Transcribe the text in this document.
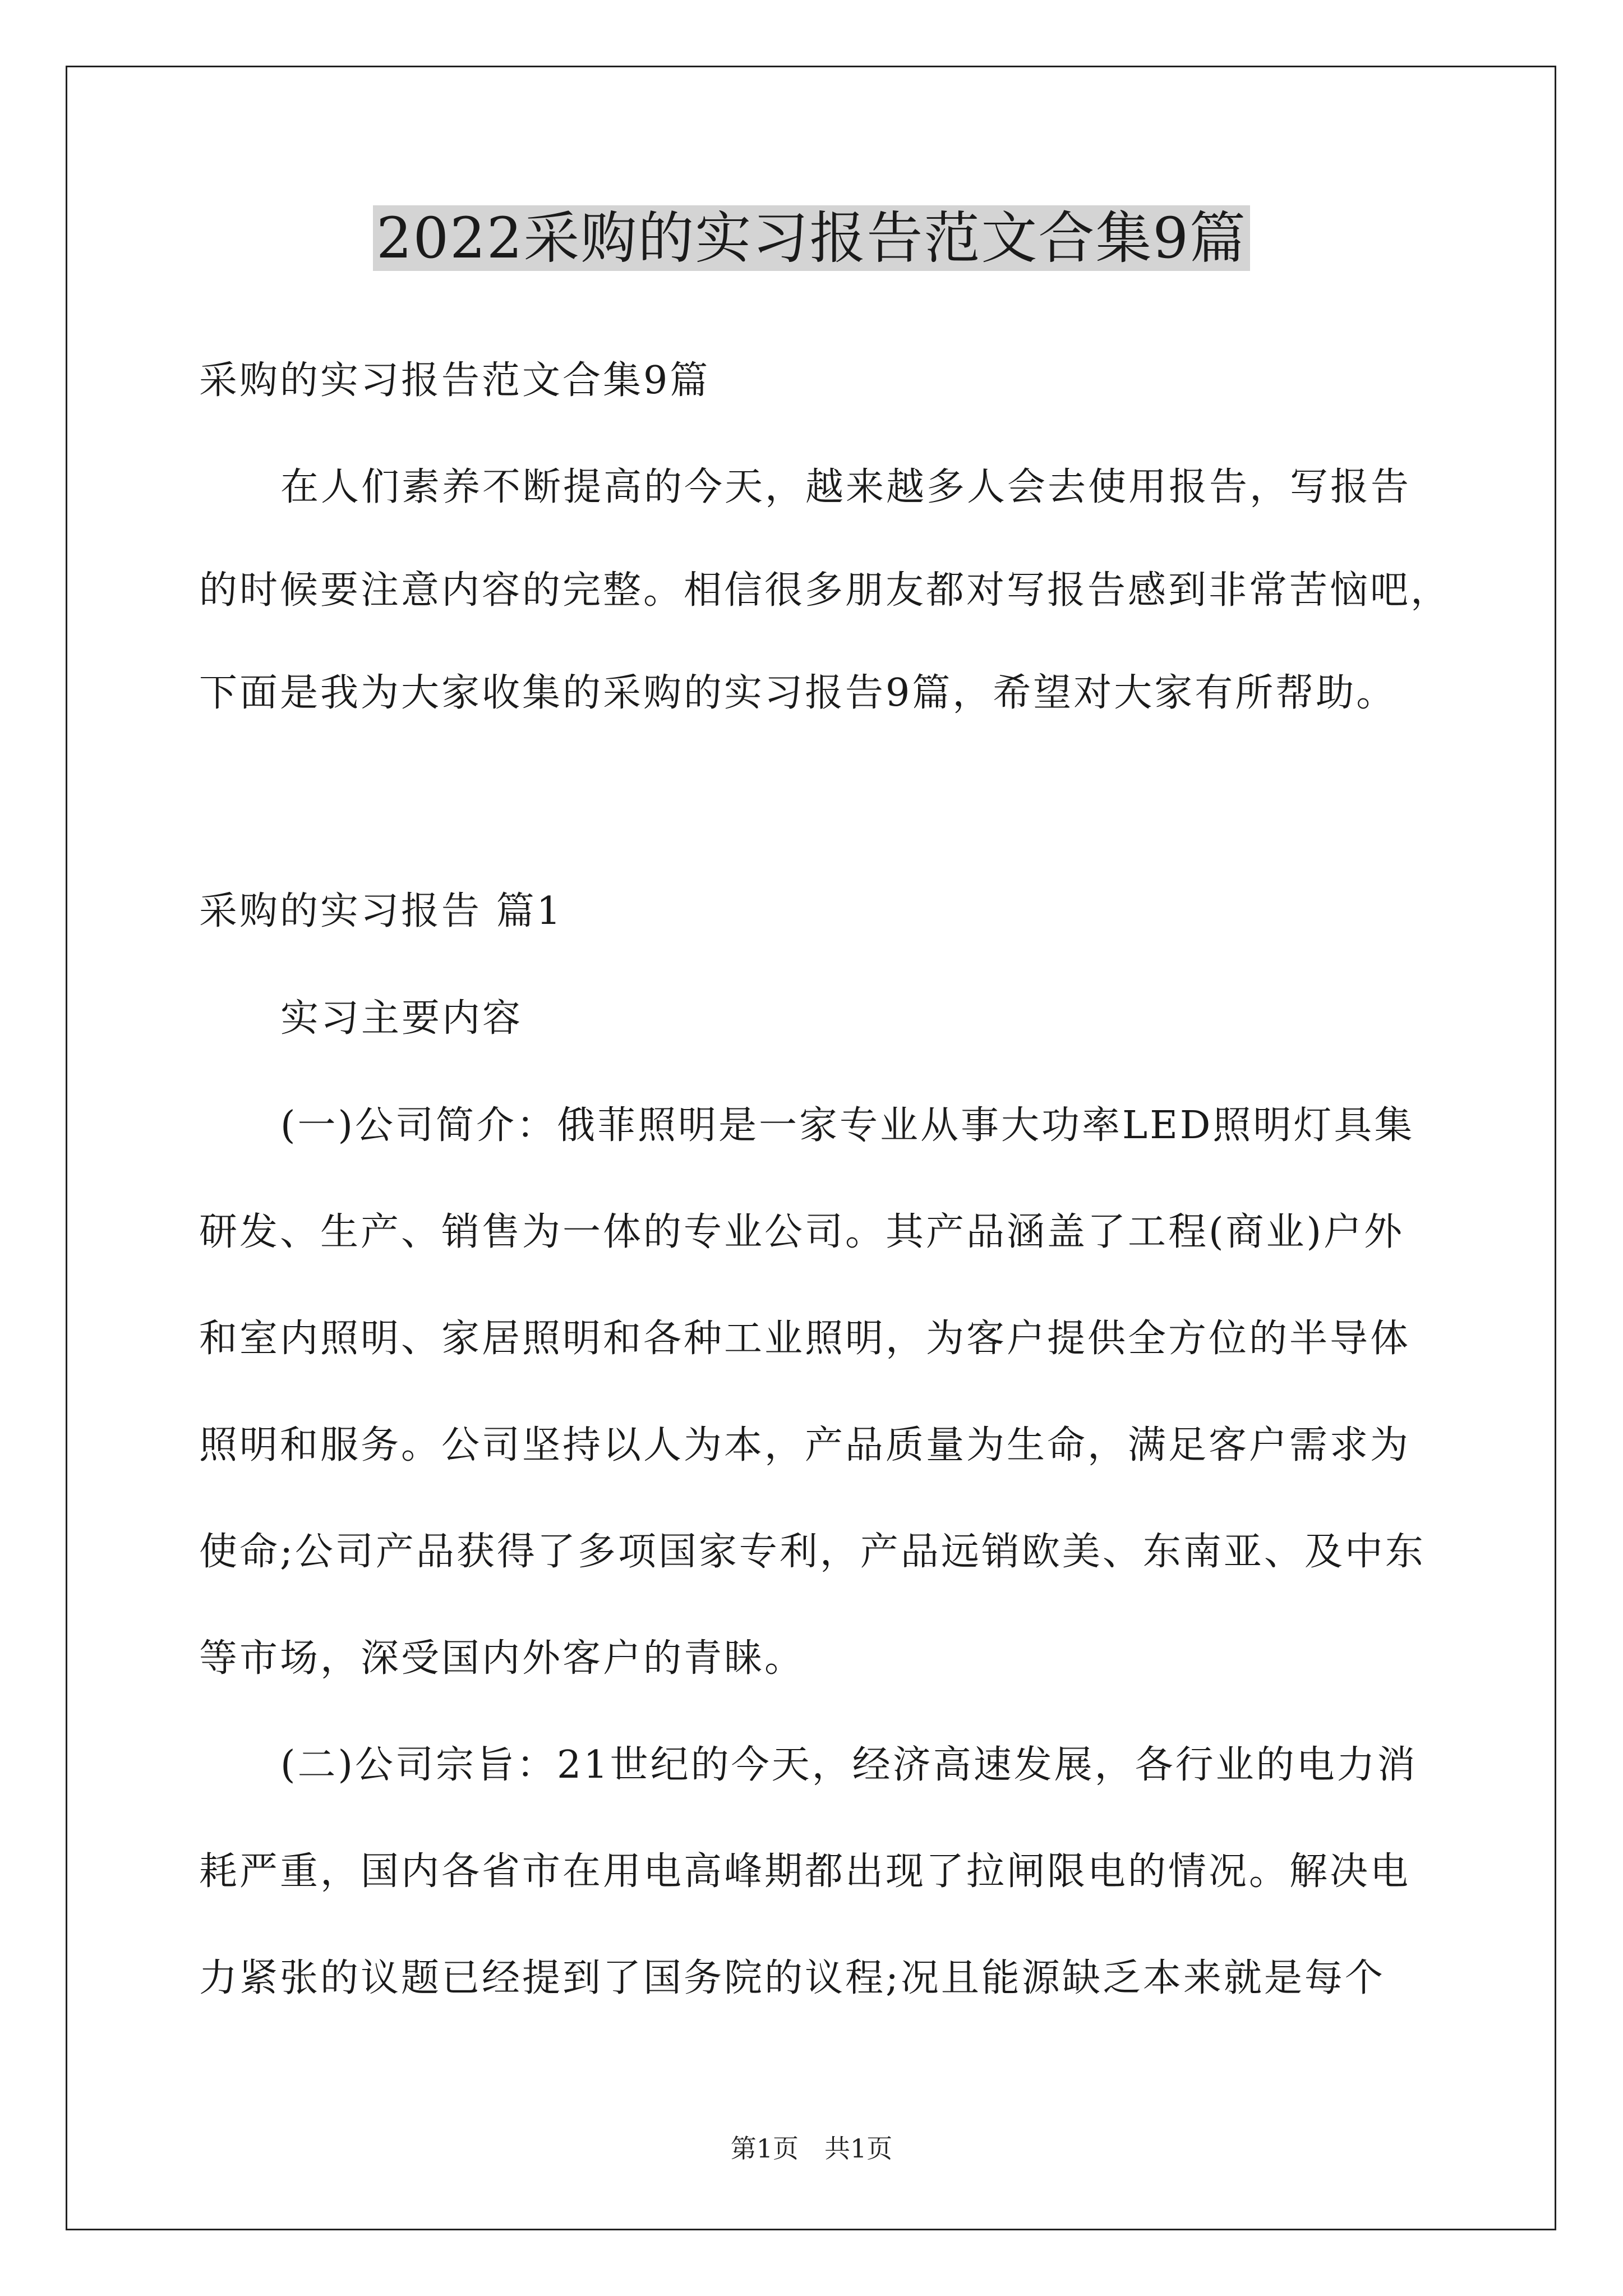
2022采购的实习报告范文合集9篇
采购的实习报告范文合集9篇
在人们素养不断提高的今天，越来越多人会去使用报告，写报告
的时候要注意内容的完整。相信很多朋友都对写报告感到非常苦恼吧，
下面是我为大家收集的采购的实习报告9篇，希望对大家有所帮助。
采购的实习报告 篇1
实习主要内容
(一)公司简介：俄菲照明是一家专业从事大功率LED照明灯具集
研发、生产、销售为一体的专业公司。其产品涵盖了工程(商业)户外
和室内照明、家居照明和各种工业照明，为客户提供全方位的半导体
照明和服务。公司坚持以人为本，产品质量为生命，满足客户需求为
使命;公司产品获得了多项国家专利，产品远销欧美、东南亚、及中东
等市场，深受国内外客户的青睐。
(二)公司宗旨：21世纪的今天，经济高速发展，各行业的电力消
耗严重，国内各省市在用电高峰期都出现了拉闸限电的情况。解决电
力紧张的议题已经提到了国务院的议程;况且能源缺乏本来就是每个
第1页　共1页
